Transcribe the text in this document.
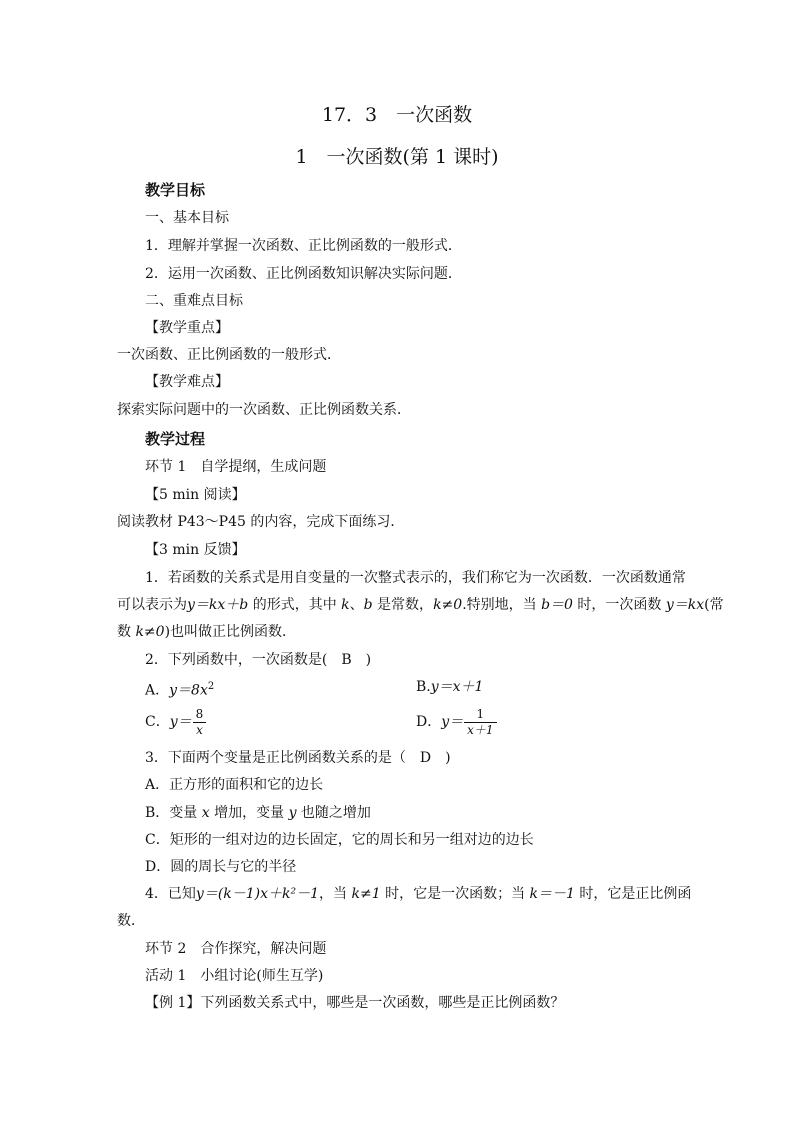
17．3　一次函数
1　一次函数(第 1 课时)
教学目标
一、基本目标
1．理解并掌握一次函数、正比例函数的一般形式．
2．运用一次函数、正比例函数知识解决实际问题．
二、重难点目标
【教学重点】
一次函数、正比例函数的一般形式．
【教学难点】
探索实际问题中的一次函数、正比例函数关系．
教学过程
环节 1　自学提纲，生成问题
【5 min 阅读】
阅读教材 P43～P45 的内容，完成下面练习．
【3 min 反馈】
1．若函数的关系式是用自变量的一次整式表示的，我们称它为一次函数．一次函数通常
可以表示为y＝kx＋b 的形式，其中 k、b 是常数，k≠0.特别地，当 b＝0 时，一次函数 y＝kx(常
数 k≠0)也叫做正比例函数．
2．下列函数中，一次函数是(　B　)
A．$y=8x^2$	B.y＝x＋1
C．$y= \frac{8}{x}$	D．$y= \frac{1}{x+1}$
3．下面两个变量是正比例函数关系的是（　D　)
A．正方形的面积和它的边长
B．变量 x 增加，变量 y 也随之增加
C．矩形的一组对边的边长固定，它的周长和另一组对边的边长
D．圆的周长与它的半径
4．已知y＝(k－1)x＋k²－1，当 k≠1 时，它是一次函数；当 k＝－1 时，它是正比例函
数．
环节 2　合作探究，解决问题
活动 1　小组讨论(师生互学)
【例 1】下列函数关系式中，哪些是一次函数，哪些是正比例函数？
